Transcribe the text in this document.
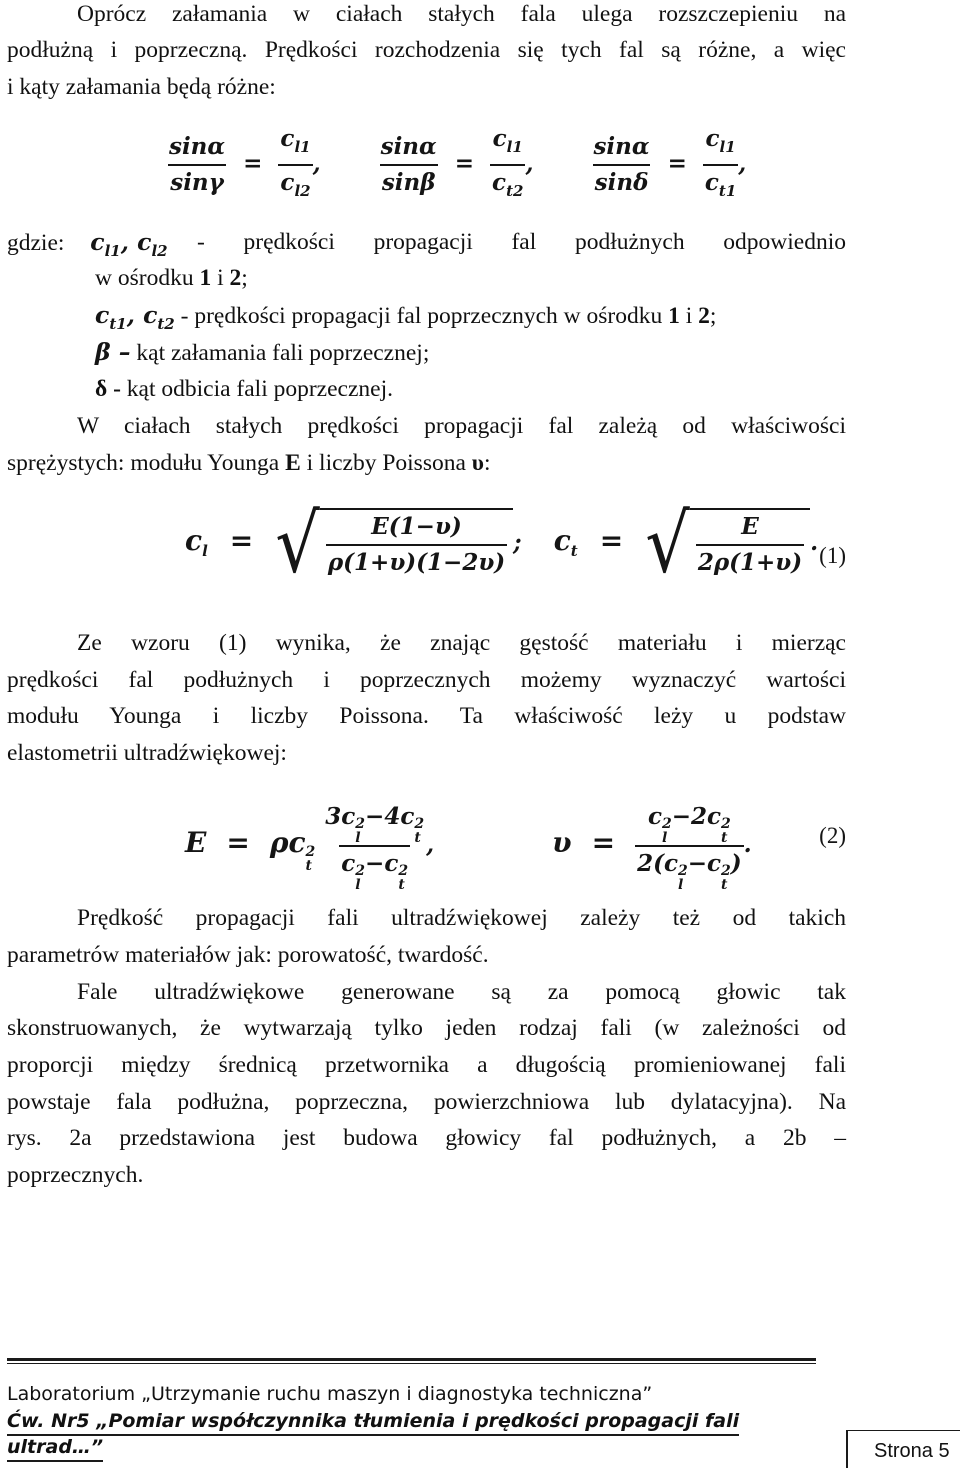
Oprócz załamania w ciałach stałych fala ulega rozszczepieniu na
podłużną i poprzeczną. Prędkości rozchodzenia się tych fal są różne, a więc
i kąty załamania będą różne:
$\frac{\sin\alpha}{\sin\gamma} = \frac{c_{l1}}{c_{l2}}$ ,	$\frac{\sin\alpha}{\sin\beta} = \frac{c_{l1}}{c_{t2}}$ ,	$\frac{\sin\alpha}{\sin\delta} = \frac{c_{l1}}{c_{t1}}$ ,
gdzie: $c_{l1}$, $c_{l2}$ - prędkości propagacji fal podłużnych odpowiednio
w ośrodku 1 i 2;
$c_{t1}$, $c_{t2}$ - prędkości propagacji fal poprzecznych w ośrodku 1 i 2;
β – kąt załamania fali poprzecznej;
δ - kąt odbicia fali poprzecznej.
W ciałach stałych prędkości propagacji fal zależą od właściwości
sprężystych: modułu Younga E i liczby Poissona υ:
$c_l$ = √ $\frac{E(1-\upsilon)}{\rho(1+\upsilon)(1-2\upsilon)}$ ; $c_t$ = √ $\frac{E}{2\rho(1+\upsilon)}$ . (1)
Ze wzoru (1) wynika, że znając gęstość materiału i mierząc
prędkości fal podłużnych i poprzecznych możemy wyznaczyć wartości
modułu Younga i liczby Poissona. Ta właściwość leży u podstaw
elastometrii ultradźwiękowej:
E = ρc 2
t
3c 2
l
−4c 2
t
c 2
l
−c 2
t ,	υ = c 2
l
−2c 2
t
2(c 2
l
−c 2
t
) .	(2)
Prędkość propagacji fali ultradźwiękowej zależy też od takich
parametrów materiałów jak: porowatość, twardość.
Fale ultradźwiękowe generowane są za pomocą głowic tak
skonstruowanych, że wytwarzają tylko jeden rodzaj fali (w zależności od
proporcji między średnicą przetwornika a długością promieniowanej fali
powstaje fala podłużna, poprzeczna, powierzchniowa lub dylatacyjna). Na
rys. 2a przedstawiona jest budowa głowicy fal podłużnych, a 2b –
poprzecznych.
Laboratorium „Utrzymanie ruchu maszyn i diagnostyka techniczna”
Ćw. Nr5 „Pomiar współczynnika tłumienia i prędkości propagacji fali ultrad…”	Strona 5
